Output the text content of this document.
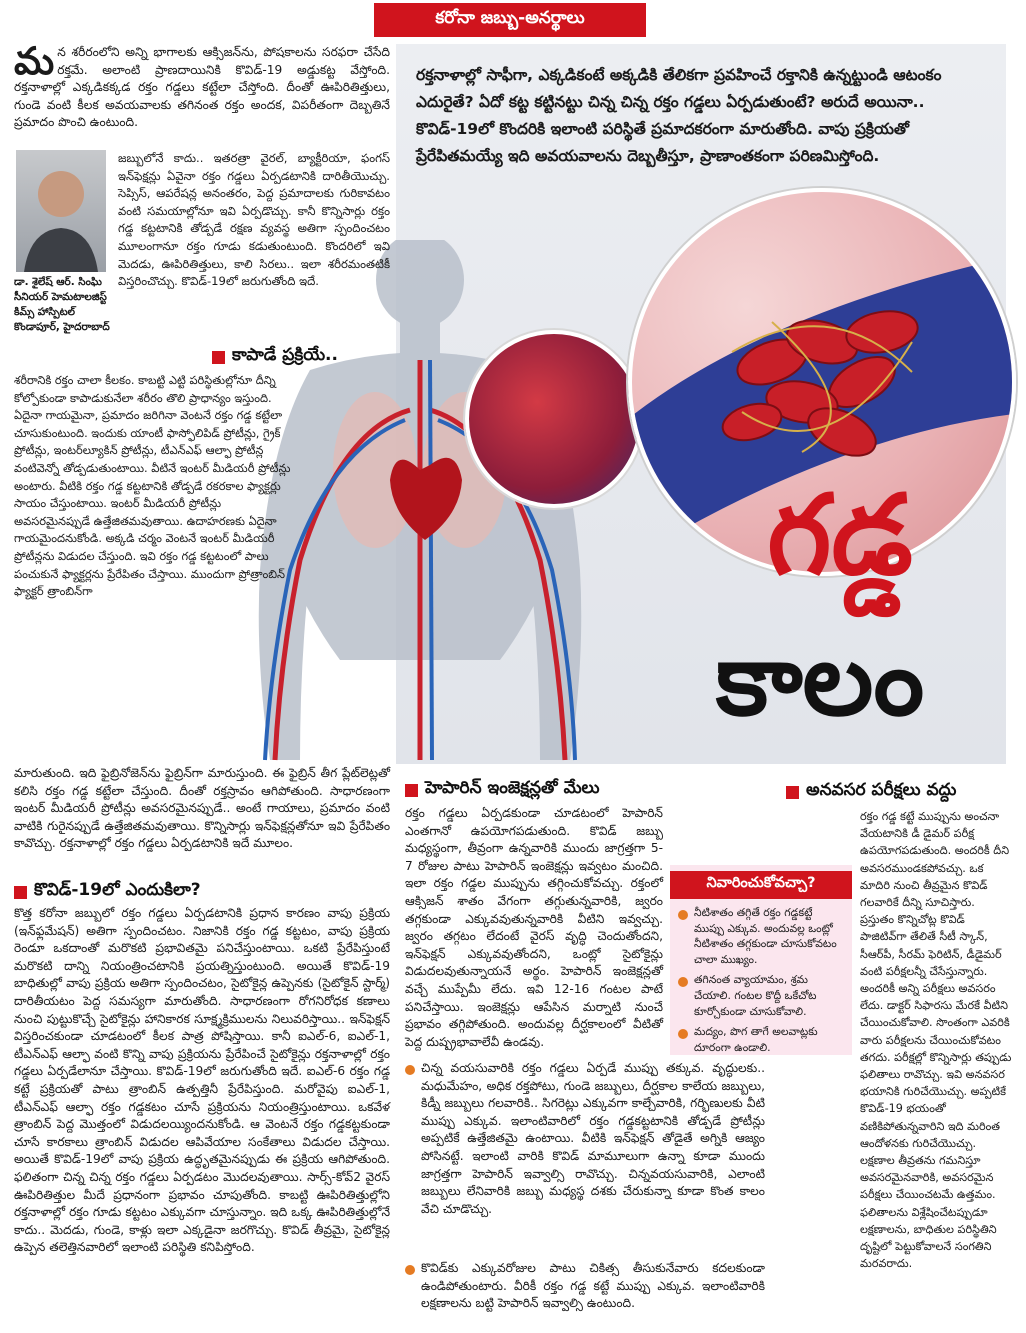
కరోనా జబ్బు-అనర్థాలు
రక్తనాళాల్లో సాఫీగా, ఎక్కడికంటే అక్కడికి తేలికగా ప్రవహించే రక్తానికి ఉన్నట్టుండి ఆటంకం ఎదురైతే? ఏదో కట్ట కట్టినట్టు చిన్న చిన్న రక్తం గడ్డలు ఏర్పడుతుంటే? అరుదే అయినా.. కొవిడ్‌-19లో కొందరికి ఇలాంటి పరిస్థితే ప్రమాదకరంగా మారుతోంది. వాపు ప్రక్రియతో ప్రేరేపితమయ్యే ఇది అవయవాలను దెబ్బతీస్తూ, ప్రాణాంతకంగా పరిణమిస్తోంది.
గడ్డ
కాలం
మ న శరీరంలోని అన్ని భాగాలకు ఆక్సిజన్‌ను, పోషకాలను సరఫరా చేసేది రక్తమే. అలాంటి ప్రాణదాయినికి కొవిడ్‌-19 అడ్డుకట్ట వేస్తోంది. రక్తనాళాల్లో ఎక్కడికక్కడ రక్తం గడ్డలు కట్టేలా చేస్తోంది. దీంతో ఊపిరితిత్తులు, గుండె వంటి కీలక అవయవాలకు తగినంత రక్తం అందక, విపరీతంగా దెబ్బతినే ప్రమాదం పొంచి ఉంటుంది.
డా. శైలేష్‌ ఆర్‌. సింఘి
సీనియర్‌ హెమటాలజిస్ట్‌
కిమ్స్‌ హాస్పిటల్‌
కొండాపూర్‌, హైదరాబాద్‌
జబ్బులోనే కాదు.. ఇతరత్రా వైరల్‌, బ్యాక్టీరియా, ఫంగస్‌ ఇన్‌ఫెక్షన్లు ఏవైనా రక్తం గడ్డలు ఏర్పడటానికి దారితీయొచ్చు. సెప్సిస్‌, ఆపరేషన్ల అనంతరం, పెద్ద ప్రమాదాలకు గురికావటం వంటి సమయాల్లోనూ ఇవి ఏర్పడొచ్చు. కానీ కొన్నిసార్లు రక్తం గడ్డ కట్టటానికి తోడ్పడే రక్షణ వ్యవస్థ అతిగా స్పందించటం మూలంగానూ రక్తం గూడు కడుతుంటుంది. కొందరిలో ఇవి మెదడు, ఊపిరితిత్తులు, కాలి సిరలు.. ఇలా శరీరమంతటికీ విస్తరించొచ్చు. కొవిడ్‌-19లో జరుగుతోంది ఇదే.
కాపాడే ప్రక్రియే..
శరీరానికి రక్తం చాలా కీలకం. కాబట్టి ఎట్టి పరిస్థితుల్లోనూ దీన్ని కోల్పోకుండా కాపాడుకునేలా శరీరం తొలి ప్రాధాన్యం ఇస్తుంది. ఏదైనా గాయమైనా, ప్రమాదం జరిగినా వెంటనే రక్తం గడ్డ కట్టేలా చూసుకుంటుంది. ఇందుకు యాంటీ ఫాస్ఫోలిపిడ్‌ ప్రోటీన్లు, గ్రైక్‌ ప్రోటీన్లు, ఇంటర్‌ల్యూకిన్‌ ప్రోటీన్లు, టీఎన్‌ఎఫ్‌ ఆల్ఫా ప్రోటీన్ల వంటివెన్నో తోడ్పడుతుంటాయి. వీటినే ఇంటర్‌ మీడియరీ ప్రోటీన్లు అంటారు. వీటికి రక్తం గడ్డ కట్టటానికి తోడ్పడే రకరకాల ఫ్యాక్టర్లు సాయం చేస్తుంటాయి. ఇంటర్‌ మీడియరీ ప్రోటీన్లు అవసరమైనప్పుడే ఉత్తేజితమవుతాయి. ఉదాహరణకు ఏదైనా గాయమైందనుకోండి. అక్కడి చర్మం వెంటనే ఇంటర్‌ మీడియరీ ప్రోటీన్లను విడుదల చేస్తుంది. ఇవి రక్తం గడ్డ కట్టటంలో పాలు పంచుకునే ఫ్యాక్టర్లను ప్రేరేపితం చేస్తాయి. ముందుగా ప్రోత్రాంబిన్‌ ఫ్యాక్టర్‌ త్రాంబిన్‌గా
మారుతుంది. ఇది ఫైబ్రినోజెన్‌ను ఫైబ్రిన్‌గా మారుస్తుంది. ఈ ఫైబ్రిన్‌ తీగ ప్లేట్‌లెట్లతో కలిసి రక్తం గడ్డ కట్టేలా చేస్తుంది. దీంతో రక్తస్రావం ఆగిపోతుంది. సాధారణంగా ఇంటర్‌ మీడియరీ ప్రోటీన్లు అవసరమైనప్పుడే.. అంటే గాయాలు, ప్రమాదం వంటి వాటికి గురైనప్పుడే ఉత్తేజితమవుతాయి. కొన్నిసార్లు ఇన్‌ఫెక్షన్లతోనూ ఇవి ప్రేరేపితం కావొచ్చు. రక్తనాళాల్లో రక్తం గడ్డలు ఏర్పడటానికి ఇదే మూలం.
కొవిడ్‌-19లో ఎందుకిలా?
కొత్త కరోనా జబ్బులో రక్తం గడ్డలు ఏర్పడటానికి ప్రధాన కారణం వాపు ప్రక్రియ (ఇన్‌ఫ్లమేషన్‌) అతిగా స్పందించటం. నిజానికి రక్తం గడ్డ కట్టటం, వాపు ప్రక్రియ రెండూ ఒకదాంతో మరొకటి ప్రభావితమై పనిచేస్తుంటాయి. ఒకటి ప్రేరేపిస్తుంటే మరొకటి దాన్ని నియంత్రించటానికి ప్రయత్నిస్తుంటుంది. అయితే కొవిడ్‌-19 బాధితుల్లో వాపు ప్రక్రియ అతిగా స్పందించటం, సైటోకైన్ల ఉప్పెనకు (సైటోకైన్‌ స్టార్మ్‌) దారితీయటం పెద్ద సమస్యగా మారుతోంది. సాధారణంగా రోగనిరోధక కణాలు నుంచి పుట్టుకొచ్చే సైటోకైన్లు హానికారక సూక్ష్మక్రిములను నిలువరిస్తాయి.. ఇన్‌ఫెక్షన్‌ విస్తరించకుండా చూడటంలో కీలక పాత్ర పోషిస్తాయి. కానీ ఐఎల్‌-6, ఐఎల్‌-1, టీఎన్‌ఎఫ్‌ ఆల్ఫా వంటి కొన్ని వాపు ప్రక్రియను ప్రేరేపించే సైటోకైన్లు రక్తనాళాల్లో రక్తం గడ్డలు ఏర్పడేలానూ చేస్తాయి. కొవిడ్‌-19లో జరుగుతోంది ఇదే. ఐఎల్‌-6 రక్తం గడ్డ కట్టే ప్రక్రియతో పాటు త్రాంబిన్‌ ఉత్పత్తినీ ప్రేరేపిస్తుంది. మరోవైపు ఐఎల్‌-1, టీఎన్‌ఎఫ్‌ ఆల్ఫా రక్తం గడ్డకటం చూసే ప్రక్రియను నియంత్రిస్తుంటాయి. ఒకవేళ త్రాంబిన్‌ పెద్ద మొత్తంలో విడుదలయ్యిందనుకోండి. ఆ వెంటనే రక్తం గడ్డకట్టకుండా చూసే కారకాలు త్రాంబిన్‌ విడుదల ఆపివేయాల సంకేతాలు విడుదల చేస్తాయి. అయితే కొవిడ్‌-19లో వాపు ప్రక్రియ ఉద్ధృతమైనప్పుడు ఈ ప్రక్రియ ఆగిపోతుంది. ఫలితంగా చిన్న చిన్న రక్తం గడ్డలు ఏర్పడటం మొదలవుతాయి. సార్స్‌-కోవ్‌2 వైరస్‌ ఊపిరితిత్తుల మీదే ప్రధానంగా ప్రభావం చూపుతోంది. కాబట్టి ఊపిరితిత్తుల్లోని రక్తనాళాల్లో రక్తం గూడు కట్టటం ఎక్కువగా చూస్తున్నాం. ఇది ఒక్క ఊపిరితిత్తుల్లోనే కాదు.. మెదడు, గుండె, కాళ్లు ఇలా ఎక్కడైనా జరగొచ్చు. కొవిడ్‌ తీవ్రమై, సైటోకైన్ల ఉప్పెన తలెత్తినవారిలో ఇలాంటి పరిస్థితి కనిపిస్తోంది.
హెపారిన్‌ ఇంజెక్షన్లతో మేలు
రక్తం గడ్డలు ఏర్పడకుండా చూడటంలో హెపారిన్‌ ఎంతగానో ఉపయోగపడుతుంది. కొవిడ్‌ జబ్బు మధ్యస్థంగా, తీవ్రంగా ఉన్నవారికి ముందు జాగ్రత్తగా 5- 7 రోజుల పాటు హెపారిన్‌ ఇంజెక్షన్లు ఇవ్వటం మంచిది. ఇలా రక్తం గడ్డల ముప్పును తగ్గించుకోవచ్చు. రక్తంలో ఆక్సిజన్‌ శాతం వేగంగా తగ్గుతున్నవారికి, జ్వరం తగ్గకుండా ఎక్కువవుతున్నవారికి వీటిని ఇవ్వచ్చు. జ్వరం తగ్గటం లేదంటే వైరస్‌ వృద్ధి చెందుతోందని, ఇన్‌ఫెక్షన్‌ ఎక్కువవుతోందని, ఒంట్లో సైటోకైన్లు విడుదలవుతున్నాయనే అర్థం. హెపారిన్‌ ఇంజెక్షన్లతో వచ్చే ముప్పేమీ లేదు. ఇవి 12-16 గంటల పాటే పనిచేస్తాయి. ఇంజెక్షన్లు ఆపేసిన మర్నాటి నుంచే ప్రభావం తగ్గిపోతుంది. అందువల్ల దీర్ఘకాలంలో వీటితో పెద్ద దుష్ప్రభావాలేవీ ఉండవు.
చిన్న వయసువారికి రక్తం గడ్డలు ఏర్పడే ముప్పు తక్కువ. వృద్ధులకు.. మధుమేహం, అధిక రక్తపోటు, గుండె జబ్బులు, దీర్ఘకాల కాలేయ జబ్బులు, కిడ్నీ జబ్బులు గలవారికి.. సిగరెట్లు ఎక్కువగా కాల్చేవారికి, గర్భిణులకు వీటి ముప్పు ఎక్కువ. ఇలాంటివారిలో రక్తం గడ్డకట్టటానికి తోడ్పడే ప్రోటీన్లు అప్పటికే ఉత్తేజితమై ఉంటాయి. వీటికి ఇన్‌ఫెక్షన్‌ తోడైతే అగ్నికి ఆజ్యం పోసినట్టే. ఇలాంటి వారికి కొవిడ్‌ మామూలుగా ఉన్నా కూడా ముందు జాగ్రత్తగా హెపారిన్‌ ఇవ్వాల్సి రావొచ్చు. చిన్నవయసువారికి, ఎలాంటి జబ్బులు లేనివారికి జబ్బు మధ్యస్థ దశకు చేరుకున్నా కూడా కొంత కాలం వేచి చూడొచ్చు.
కొవిడ్‌కు ఎక్కువరోజుల పాటు చికిత్స తీసుకునేవారు కదలకుండా ఉండిపోతుంటారు. వీరికీ రక్తం గడ్డ కట్టే ముప్పు ఎక్కువ. ఇలాంటివారికి లక్షణాలను బట్టి హెపారిన్‌ ఇవ్వాల్సి ఉంటుంది.
నివారించుకోవచ్చా?
నీటిశాతం తగ్గితే రక్తం గడ్డకట్టే ముప్పు ఎక్కువ. అందువల్ల ఒంట్లో నీటిశాతం తగ్గకుండా చూసుకోవటం చాలా ముఖ్యం.
తగినంత వ్యాయామం, శ్రమ చేయాలి. గంటల కొద్దీ ఒకేచోట కూర్చోకుండా చూసుకోవాలి.
మద్యం, పొగ తాగే అలవాట్లకు దూరంగా ఉండాలి.
అనవసర పరీక్షలు వద్దు
రక్తం గడ్డ కట్టే ముప్పును అంచనా వేయటానికి డీ డైమర్‌ పరీక్ష ఉపయోగపడుతుంది. అందరికీ దీని అవసరముండకపోవచ్చు. ఒక మాదిరి నుంచి తీవ్రమైన కొవిడ్‌ గలవారికే దీన్ని సూచిస్తారు. ప్రస్తుతం కొన్నిచోట్ల కొవిడ్‌ పాజిటివ్‌గా తేలితే సీటీ స్కాన్‌, సీఆర్‌పీ, సీరమ్‌ ఫెరిటిన్‌, డీడైమర్‌ వంటి పరీక్షలన్నీ చేసేస్తున్నారు. అందరికీ అన్ని పరీక్షలు అవసరం లేదు. డాక్టర్‌ సిఫారసు మేరకే వీటిని చేయించుకోవాలి. సొంతంగా ఎవరికి వారు పరీక్షలను చేయించుకోవటం తగదు. పరీక్షల్లో కొన్నిసార్లు తప్పుడు ఫలితాలు రావొచ్చు. ఇవి అనవసర భయానికి గురిచేయొచ్చు. అప్పటికే కొవిడ్‌-19 భయంతో వణికిపోతున్నవారిని ఇది మరింత ఆందోళనకు గురిచేయొచ్చు. లక్షణాల తీవ్రతను గమనిస్తూ అవసరమైనవారికి, అవసరమైన పరీక్షలు చేయించటమే ఉత్తమం. ఫలితాలను విశ్లేషించేటప్పుడూ లక్షణాలను, బాధితుల పరిస్థితిని దృష్టిలో పెట్టుకోవాలనే సంగతిని మరవరాదు.
